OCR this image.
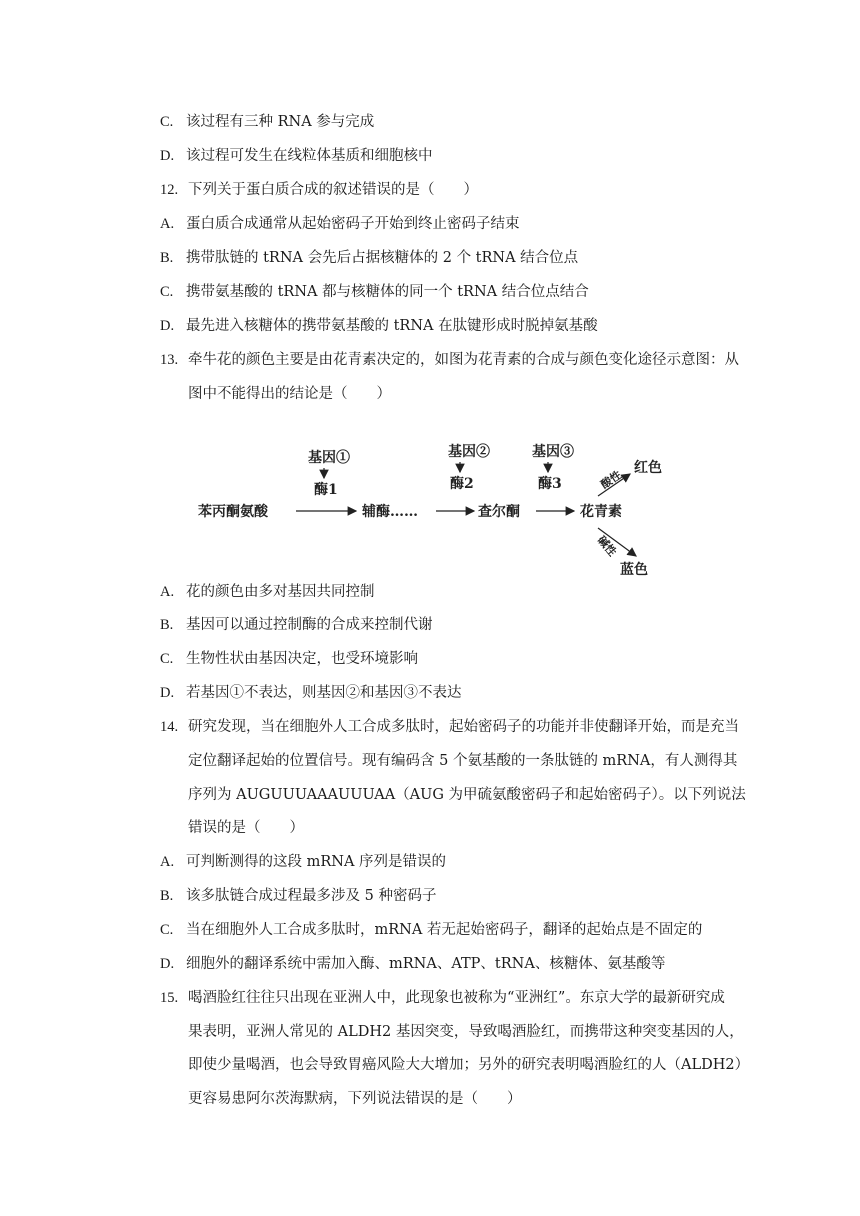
C. 该过程有三种 RNA 参与完成
D. 该过程可发生在线粒体基质和细胞核中
12. 下列关于蛋白质合成的叙述错误的是（　　）
A. 蛋白质合成通常从起始密码子开始到终止密码子结束
B. 携带肽链的 tRNA 会先后占据核糖体的 2 个 tRNA 结合位点
C. 携带氨基酸的 tRNA 都与核糖体的同一个 tRNA 结合位点结合
D. 最先进入核糖体的携带氨基酸的 tRNA 在肽键形成时脱掉氨基酸
13. 牵牛花的颜色主要是由花青素决定的，如图为花青素的合成与颜色变化途径示意图：从
图中不能得出的结论是（　　）
基因①
酶1
基因②
酶2
基因③
酶3
苯丙酮氨酸	辅酶……	查尔酮	花青素
酸性
红色
碱性
蓝色
A. 花的颜色由多对基因共同控制
B. 基因可以通过控制酶的合成来控制代谢
C. 生物性状由基因决定，也受环境影响
D. 若基因①不表达，则基因②和基因③不表达
14. 研究发现，当在细胞外人工合成多肽时，起始密码子的功能并非使翻译开始，而是充当
定位翻译起始的位置信号。现有编码含 5 个氨基酸的一条肽链的 mRNA，有人测得其
序列为 AUGUUUAAAUUUAA（AUG 为甲硫氨酸密码子和起始密码子）。以下列说法
错误的是（　　）
A. 可判断测得的这段 mRNA 序列是错误的
B. 该多肽链合成过程最多涉及 5 种密码子
C. 当在细胞外人工合成多肽时，mRNA 若无起始密码子，翻译的起始点是不固定的
D. 细胞外的翻译系统中需加入酶、mRNA、ATP、tRNA、核糖体、氨基酸等
15. 喝酒脸红往往只出现在亚洲人中，此现象也被称为“亚洲红”。东京大学的最新研究成
果表明，亚洲人常见的 ALDH2 基因突变，导致喝酒脸红，而携带这种突变基因的人，
即使少量喝酒，也会导致胃癌风险大大增加；另外的研究表明喝酒脸红的人（ALDH2）
更容易患阿尔茨海默病，下列说法错误的是（　　）
